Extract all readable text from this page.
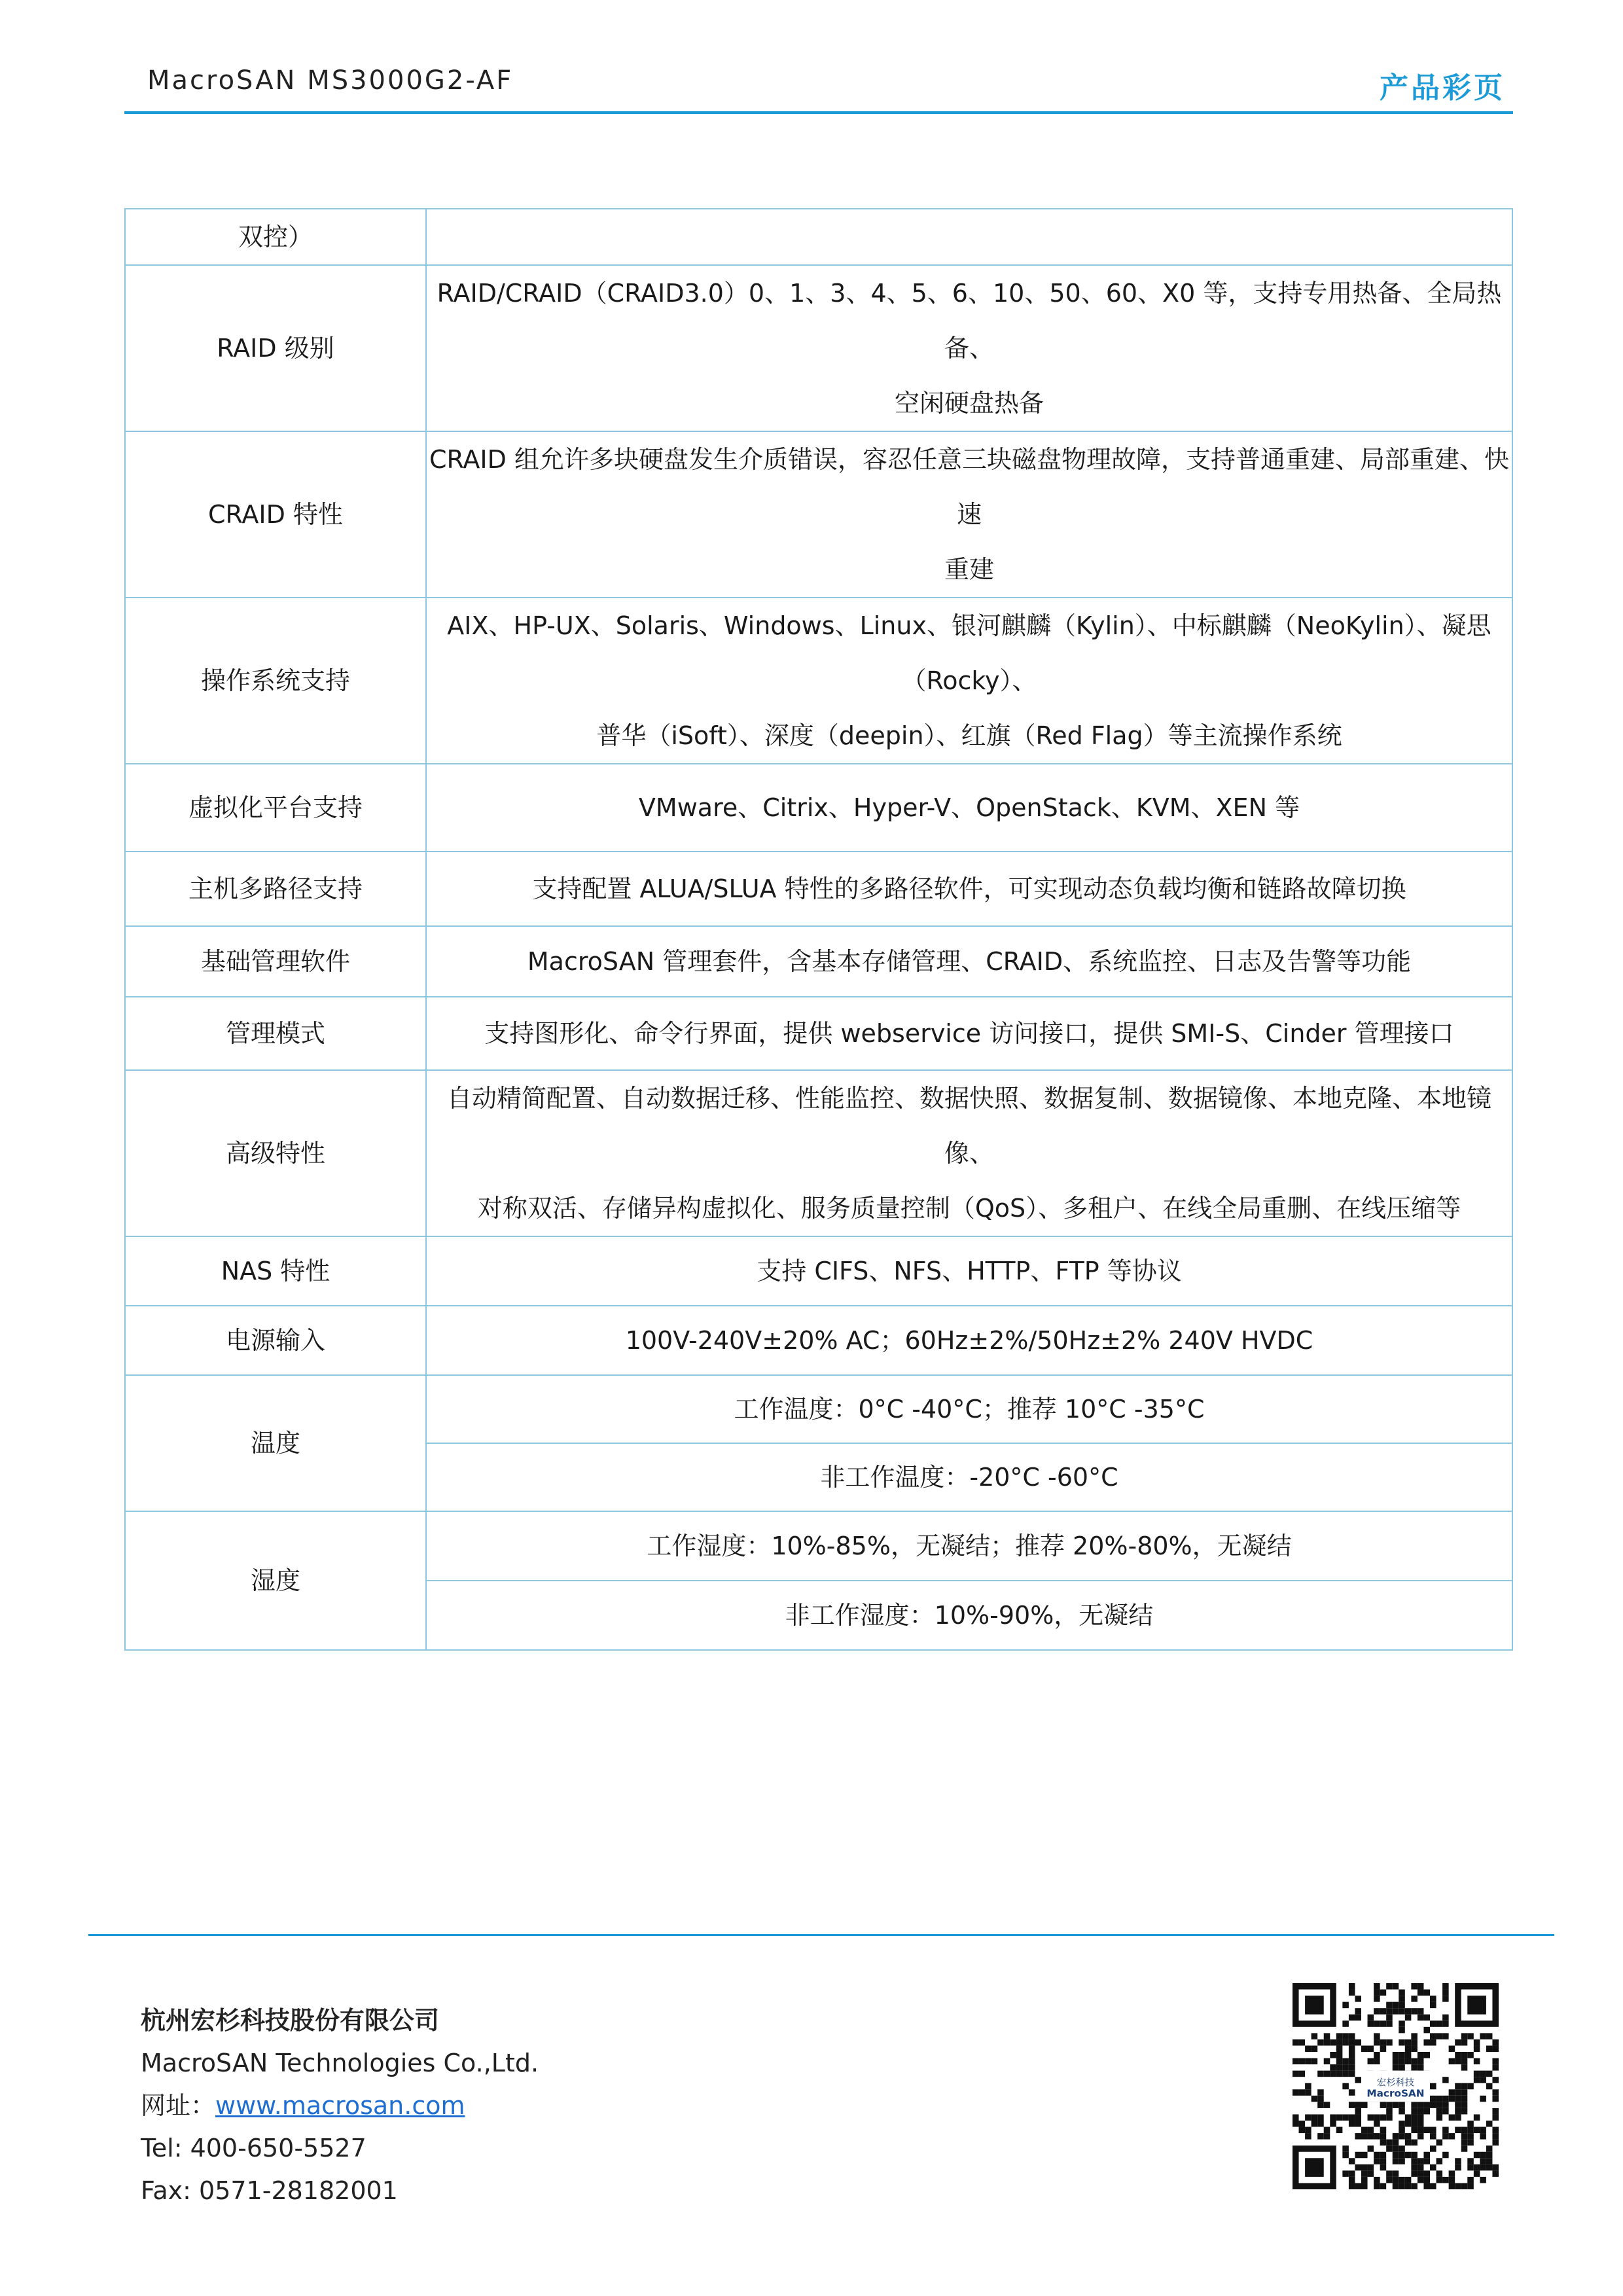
MacroSAN MS3000G2-AF	产品彩页
双控）	
RAID 级别	RAID/CRAID（CRAID3.0）0、1、3、4、5、6、10、50、60、X0 等，支持专用热备、全局热备、
空闲硬盘热备

CRAID 特性	CRAID 组允许多块硬盘发生介质错误，容忍任意三块磁盘物理故障，支持普通重建、局部重建、快速
重建

操作系统支持	AIX、HP-UX、Solaris、Windows、Linux、银河麒麟（Kylin）、中标麒麟（NeoKylin）、凝思（Rocky）、
普华（iSoft）、深度（deepin）、红旗（Red Flag）等主流操作系统

虚拟化平台支持	VMware、Citrix、Hyper-V、OpenStack、KVM、XEN 等
主机多路径支持	支持配置 ALUA/SLUA 特性的多路径软件，可实现动态负载均衡和链路故障切换
基础管理软件	MacroSAN 管理套件，含基本存储管理、CRAID、系统监控、日志及告警等功能
管理模式	支持图形化、命令行界面，提供 webservice 访问接口，提供 SMI-S、Cinder 管理接口
高级特性	自动精简配置、自动数据迁移、性能监控、数据快照、数据复制、数据镜像、本地克隆、本地镜像、
对称双活、存储异构虚拟化、服务质量控制（QoS）、多租户、在线全局重删、在线压缩等

NAS 特性	支持 CIFS、NFS、HTTP、FTP 等协议
电源输入	100V-240V±20% AC；60Hz±2%/50Hz±2% 240V HVDC
温度	工作温度：0°C -40°C；推荐 10°C -35°C
	非工作温度：-20°C -60°C
湿度	工作湿度：10%-85%，无凝结；推荐 20%-80%，无凝结
	非工作湿度：10%-90%，无凝结
杭州宏杉科技股份有限公司
MacroSAN Technologies Co.,Ltd.
网址：www.macrosan.com
Tel: 400-650-5527
Fax: 0571-28182001
宏杉科技
MacroSAN
